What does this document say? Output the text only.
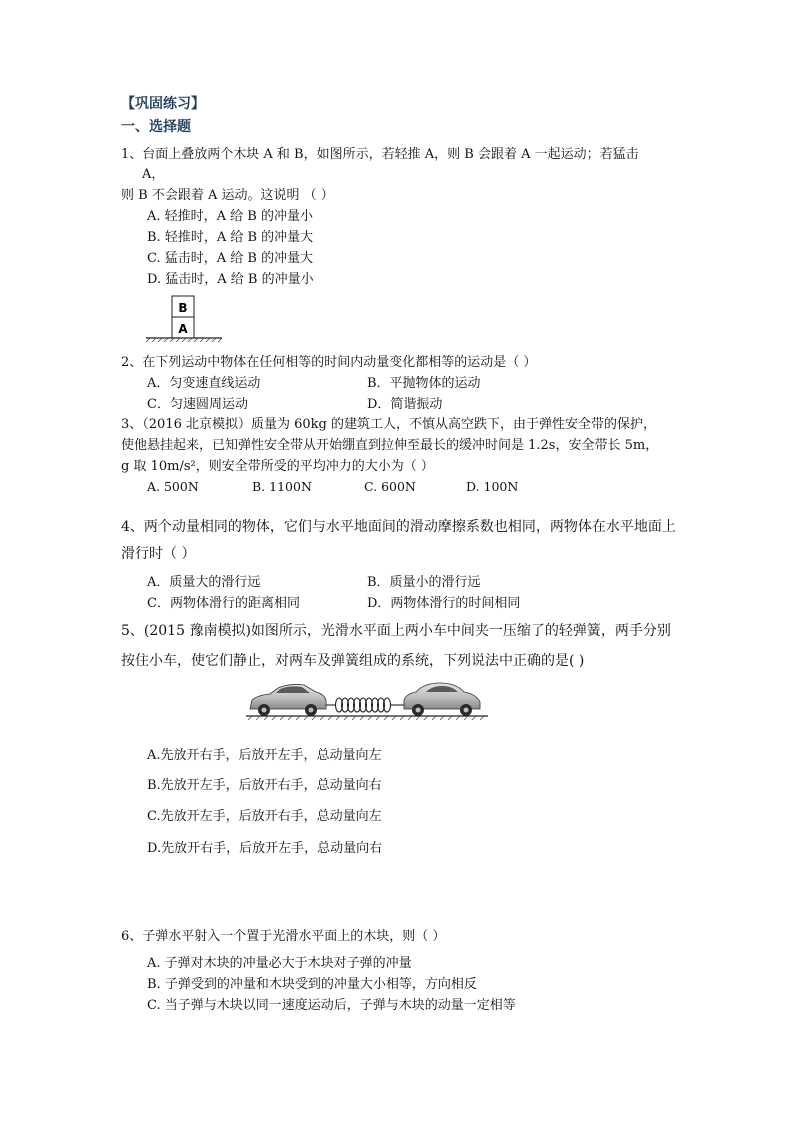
【巩固练习】
一、选择题
1、台面上叠放两个木块 A 和 B，如图所示，若轻推 A，则 B 会跟着 A 一起运动；若猛击
A，
则 B 不会跟着 A 运动。这说明 （ ）
A. 轻推时，A 给 B 的冲量小
B. 轻推时，A 给 B 的冲量大
C. 猛击时，A 给 B 的冲量大
D. 猛击时，A 给 B 的冲量小
B
A
2、在下列运动中物体在任何相等的时间内动量变化都相等的运动是（ ）
A．匀变速直线运动	B．平抛物体的运动
C．匀速圆周运动	D．简谐振动
3、（2016 北京模拟）质量为 60kg 的建筑工人，不慎从高空跌下，由于弹性安全带的保护，
使他悬挂起来，已知弹性安全带从开始绷直到拉伸至最长的缓冲时间是 1.2s，安全带长 5m，
g 取 10m/s²，则安全带所受的平均冲力的大小为（ ）
A. 500N	B. 1100N	C. 600N	D. 100N
4、两个动量相同的物体，它们与水平地面间的滑动摩擦系数也相同，两物体在水平地面上
滑行时（ ）
A．质量大的滑行远	B．质量小的滑行远
C．两物体滑行的距离相同	D．两物体滑行的时间相同
5、(2015 豫南模拟)如图所示，光滑水平面上两小车中间夹一压缩了的轻弹簧，两手分别
按住小车，使它们静止，对两车及弹簧组成的系统，下列说法中正确的是( )
A.先放开右手，后放开左手，总动量向左
B.先放开左手，后放开右手，总动量向右
C.先放开左手，后放开右手，总动量向左
D.先放开右手，后放开左手，总动量向右
6、子弹水平射入一个置于光滑水平面上的木块，则（ ）
A. 子弹对木块的冲量必大于木块对子弹的冲量
B. 子弹受到的冲量和木块受到的冲量大小相等，方向相反
C. 当子弹与木块以同一速度运动后，子弹与木块的动量一定相等
